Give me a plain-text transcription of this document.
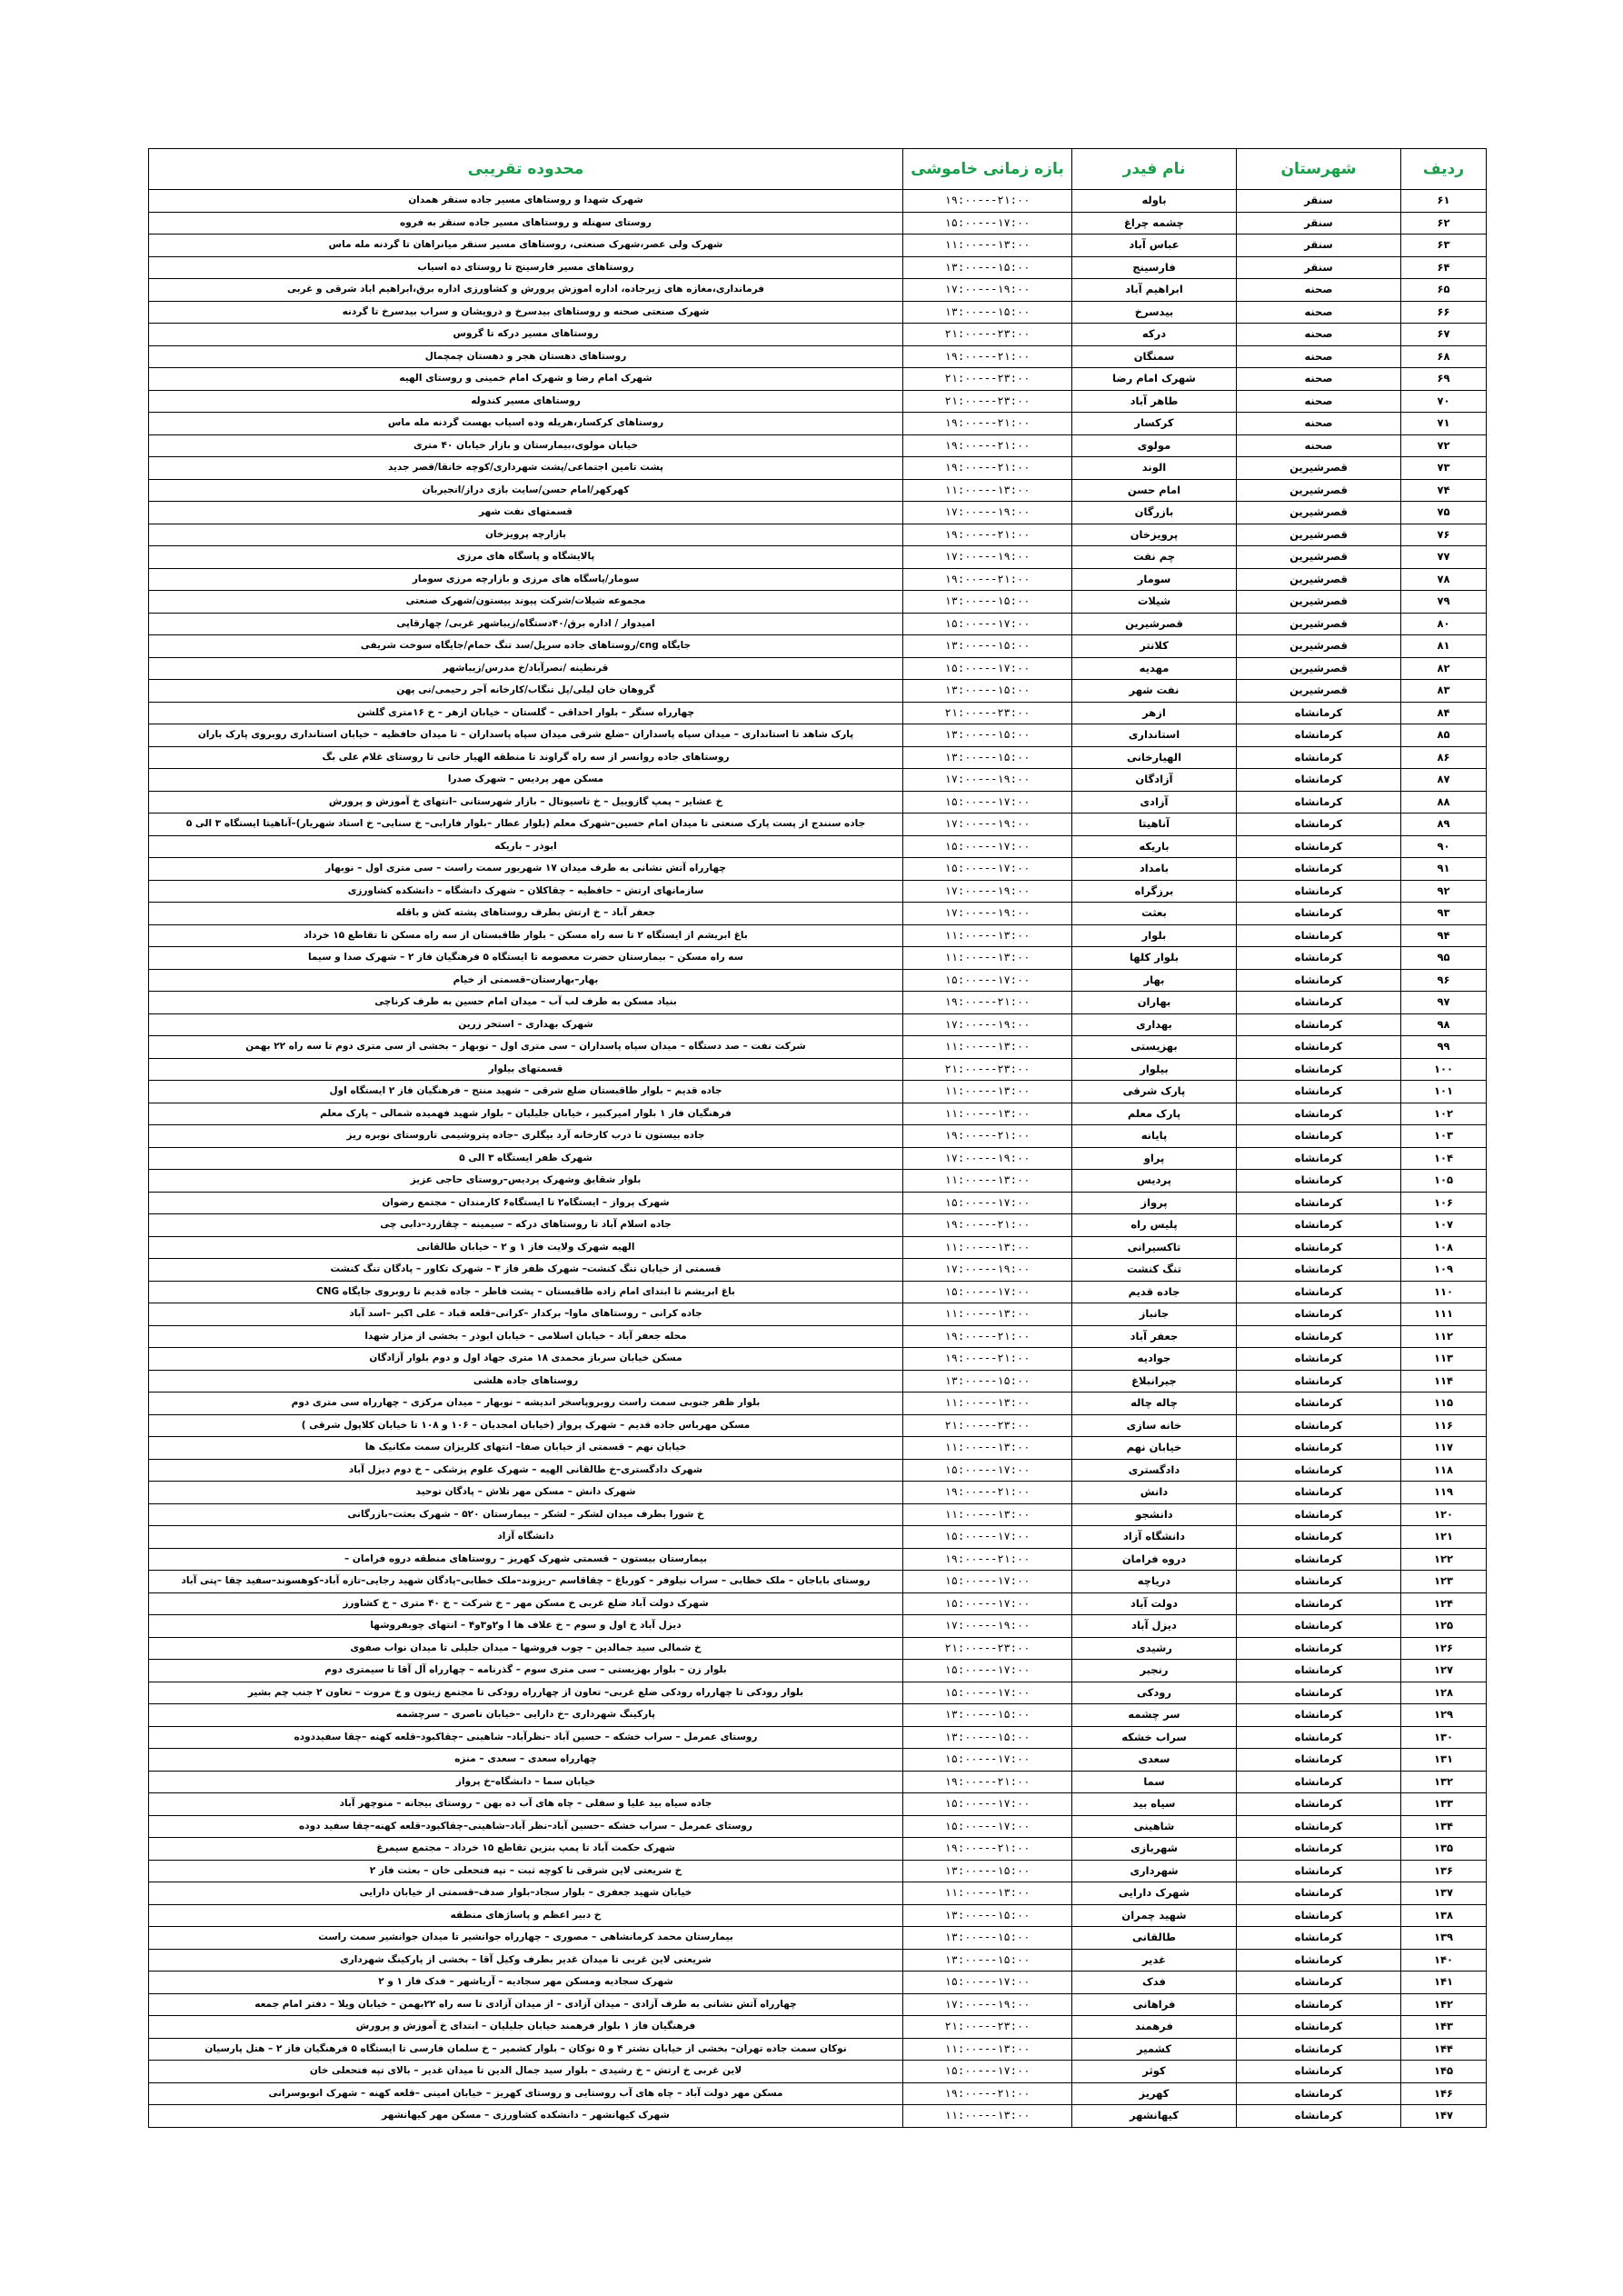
ردیف	شهرستان	نام فیدر	بازه زمانی خاموشی	محدوده تقریبی
۶۱	سنقر	باوله	۱۹:۰۰---۲۱:۰۰	شهرک شهدا و روستاهای مسیر جاده سنقر همدان
۶۲	سنقر	چشمه چراغ	۱۵:۰۰---۱۷:۰۰	روستای سهنله و روستاهای مسیر جاده سنقر به فروه
۶۳	سنقر	عباس آباد	۱۱:۰۰---۱۳:۰۰	شهرک ولی عصر،شهرک صنعتی، روستاهای مسیر سنقر میانراهان تا گردنه مله ماس
۶۴	سنقر	فارسینج	۱۳:۰۰---۱۵:۰۰	روستاهای مسیر فارسینج تا روستای ده اسیاب
۶۵	صحنه	ابراهیم آباد	۱۷:۰۰---۱۹:۰۰	فرمانداری،مغازه های زیرجاده، اداره اموزش پرورش و کشاورزی اداره برق،ابراهیم اباد شرقی و غربی
۶۶	صحنه	بیدسرخ	۱۳:۰۰---۱۵:۰۰	شهرک صنعتی صحنه و روستاهای بیدسرخ و درویشان و سراب بیدسرخ تا گردنه
۶۷	صحنه	درکه	۲۱:۰۰---۲۳:۰۰	روستاهای مسیر درکه تا گروس
۶۸	صحنه	سمنگان	۱۹:۰۰---۲۱:۰۰	روستاهای دهستان هجر و دهستان چمچمال
۶۹	صحنه	شهرک امام رضا	۲۱:۰۰---۲۳:۰۰	شهرک امام رضا و شهرک امام خمینی و روستای الهیه
۷۰	صحنه	طاهر آباد	۲۱:۰۰---۲۳:۰۰	روستاهای مسیر کندوله
۷۱	صحنه	کرکسار	۱۹:۰۰---۲۱:۰۰	روستاهای کرکسار،هریله وده اسیاب بهست گردنه مله ماس
۷۲	صحنه	مولوی	۱۹:۰۰---۲۱:۰۰	خیابان مولوی،بیمارستان و بازار خیابان ۴۰ متری
۷۳	قصرشیرین	الوند	۱۹:۰۰---۲۱:۰۰	پشت تامین اجتماعی/پشت شهرداری/کوچه خانقا/قصر جدید
۷۴	قصرشیرین	امام حسن	۱۱:۰۰---۱۳:۰۰	کهرکهر/امام حسن/سایت بازی دراز/انجیربان
۷۵	قصرشیرین	بازرگان	۱۷:۰۰---۱۹:۰۰	قسمتهای نفت شهر
۷۶	قصرشیرین	پرویزخان	۱۹:۰۰---۲۱:۰۰	بازارچه پرویزخان
۷۷	قصرشیرین	چم نفت	۱۷:۰۰---۱۹:۰۰	پالایشگاه و پاسگاه های مرزی
۷۸	قصرشیرین	سومار	۱۹:۰۰---۲۱:۰۰	سومار/پاسگاه های مرزی و بازارچه مرزی سومار
۷۹	قصرشیرین	شیلات	۱۳:۰۰---۱۵:۰۰	مجموعه شیلات/شرکت پیوند بیستون/شهرک صنعتی
۸۰	قصرشیرین	قصرشیرین	۱۵:۰۰---۱۷:۰۰	امیدوار / اداره برق/۴۰دستگاه/زیباشهر غربی/ چهارقاپی
۸۱	قصرشیرین	کلانتر	۱۳:۰۰---۱۵:۰۰	جایگاه cng/روستاهای جاده سرپل/سد تنگ حمام/جایگاه سوخت شریفی
۸۲	قصرشیرین	مهدیه	۱۵:۰۰---۱۷:۰۰	قرنطینه /نصرآباد/خ مدرس/زیباشهر
۸۳	قصرشیرین	نفت شهر	۱۳:۰۰---۱۵:۰۰	گروهان خان لیلی/پل تنگاب/کارخانه آجر رحیمی/نی پهن
۸۴	کرمانشاه	ازهر	۲۱:۰۰---۲۳:۰۰	چهارراه سنگر – بلوار احداقی – گلستان – خیابان ازهر – خ ۱۶متری گلشن
۸۵	کرمانشاه	استانداری	۱۳:۰۰---۱۵:۰۰	پارک شاهد تا استانداری – میدان سپاه پاسداران –ضلع شرقی میدان سپاه پاسداران – تا میدان حافظیه – خیابان استانداری روبروی پارک باران
۸۶	کرمانشاه	الهیارخانی	۱۳:۰۰---۱۵:۰۰	روستاهای جاده روانسر از سه راه گراوند تا منطقه الهیار خانی تا روستای غلام علی بگ
۸۷	کرمانشاه	آزادگان	۱۷:۰۰---۱۹:۰۰	مسکن مهر پردیس – شهرک صدرا
۸۸	کرمانشاه	آزادی	۱۵:۰۰---۱۷:۰۰	خ عشایر – پمپ گازوییل – خ تاسیوتال – بازار شهرستانی –انتهای خ آموزش و پرورش
۸۹	کرمانشاه	آناهیتا	۱۷:۰۰---۱۹:۰۰	جاده سنندج از پست پارک صنعتی تا میدان امام حسین–شهرک معلم (بلوار عطار –بلوار فارابی– خ سنایی– خ استاد شهریار)–آناهیتا ایستگاه ۳ الی ۵
۹۰	کرمانشاه	باریکه	۱۵:۰۰---۱۷:۰۰	ابوذر – باریکه
۹۱	کرمانشاه	بامداد	۱۵:۰۰---۱۷:۰۰	چهارراه آتش نشانی به طرف میدان ۱۷ شهریور سمت راست – سی متری اول – نوبهار
۹۲	کرمانشاه	برزگراه	۱۷:۰۰---۱۹:۰۰	سازمانهای ارتش – حافظیه – چقاکلان – شهرک دانشگاه – دانشکده کشاورزی
۹۳	کرمانشاه	بعثت	۱۷:۰۰---۱۹:۰۰	جعفر آباد – خ ارتش بطرف روستاهای پشته کش و باقله
۹۴	کرمانشاه	بلوار	۱۱:۰۰---۱۳:۰۰	باغ ابریشم از ایستگاه ۲ تا سه راه مسکن – بلوار طاقبستان از سه راه مسکن تا تقاطع ۱۵ خرداد
۹۵	کرمانشاه	بلوار کلها	۱۱:۰۰---۱۳:۰۰	سه راه مسکن – بیمارستان حضرت معصومه تا ایستگاه ۵ فرهنگیان فاز ۲ – شهرک صدا و سیما
۹۶	کرمانشاه	بهار	۱۵:۰۰---۱۷:۰۰	بهار–بهارستان–قسمتی از خیام
۹۷	کرمانشاه	بهاران	۱۹:۰۰---۲۱:۰۰	بنیاد مسکن به طرف لب آب – میدان امام حسین به طرف کرناچی
۹۸	کرمانشاه	بهداری	۱۷:۰۰---۱۹:۰۰	شهرک بهداری – استخر زرین
۹۹	کرمانشاه	بهزیستی	۱۱:۰۰---۱۳:۰۰	شرکت نفت – صد دستگاه – میدان سپاه پاسداران – سی متری اول – نوبهار – بخشی از سی متری دوم تا سه راه ۲۲ بهمن
۱۰۰	کرمانشاه	بیلوار	۲۱:۰۰---۲۳:۰۰	قسمتهای بیلوار
۱۰۱	کرمانشاه	پارک شرقی	۱۱:۰۰---۱۳:۰۰	جاده قدیم – بلوار طاقبستان ضلع شرقی – شهید منتح – فرهنگیان فاز ۲ ایستگاه اول
۱۰۲	کرمانشاه	پارک معلم	۱۱:۰۰---۱۳:۰۰	فرهنگیان فاز ۱ بلوار امیرکبیر ، خیابان جلیلیان – بلوار شهید فهمیده شمالی – پارک معلم
۱۰۳	کرمانشاه	پایانه	۱۹:۰۰---۲۱:۰۰	جاده بیستون تا درب کارخانه آرد بیگلری –جاده پتروشیمی تاروستای نوبره ریز
۱۰۴	کرمانشاه	پراو	۱۷:۰۰---۱۹:۰۰	شهرک ظفر ایستگاه ۳ الی ۵
۱۰۵	کرمانشاه	پردیس	۱۱:۰۰---۱۳:۰۰	بلوار شقایق وشهرک پردیس–روستای حاجی عزیز
۱۰۶	کرمانشاه	پرواز	۱۵:۰۰---۱۷:۰۰	شهرک پرواز – ایستگاه۲ تا ایستگاه۶ کارمندان – مجتمع رضوان
۱۰۷	کرمانشاه	پلیس راه	۱۹:۰۰---۲۱:۰۰	جاده اسلام آباد تا روستاهای درکه – سیمینه – چقازرد–دابی چی
۱۰۸	کرمانشاه	تاکسیرانی	۱۱:۰۰---۱۳:۰۰	الهیه شهرک ولایت فاز ۱ و ۲ – خیابان طالقانی
۱۰۹	کرمانشاه	تنگ کنشت	۱۷:۰۰---۱۹:۰۰	قسمتی از خیابان تنگ کنشت– شهرک ظفر فاز ۳ – شهرک تکاور – پادگان تنگ کنشت
۱۱۰	کرمانشاه	جاده قدیم	۱۵:۰۰---۱۷:۰۰	باغ ابریشم تا ابتدای امام زاده طاقبستان – پشت فاطر – جاده قدیم تا روبروی جایگاه CNG
۱۱۱	کرمانشاه	جانباز	۱۱:۰۰---۱۳:۰۰	جاده کرانی – روستاهای ماوا– برکدار –کرانی–قلعه قباد – علی اکبر –اسد آباد
۱۱۲	کرمانشاه	جعفر آباد	۱۹:۰۰---۲۱:۰۰	محله جعفر آباد – خیابان اسلامی – خیابان ابوذر – بخشی از مزار شهدا
۱۱۳	کرمانشاه	جوادیه	۱۹:۰۰---۲۱:۰۰	مسکن خیابان سرباز محمدی ۱۸ متری جهاد اول و دوم بلوار آزادگان
۱۱۴	کرمانشاه	جیرانبلاغ	۱۳:۰۰---۱۵:۰۰	روستاهای جاده هلشی
۱۱۵	کرمانشاه	چاله چاله	۱۱:۰۰---۱۳:۰۰	بلوار ظفر جنوبی سمت راست روبروپاسخر اندیشه – نوبهار – میدان مرکزی – چهارراه سی متری دوم
۱۱۶	کرمانشاه	خانه سازی	۲۱:۰۰---۲۳:۰۰	مسکن مهرباس جاده قدیم – شهرک پرواز (خیابان امجدیان – ۱۰۶ و ۱۰۸ تا خیابان کلاپول شرقی )
۱۱۷	کرمانشاه	خیابان نهم	۱۱:۰۰---۱۳:۰۰	خیابان نهم – قسمتی از خیابان صفا– انتهای کلریزان سمت مکانیک ها
۱۱۸	کرمانشاه	دادگستری	۱۵:۰۰---۱۷:۰۰	شهرک دادگستری–خ طالقانی الهیه – شهرک علوم پزشکی – خ دوم دیزل آباد
۱۱۹	کرمانشاه	دانش	۱۹:۰۰---۲۱:۰۰	شهرک دانش – مسکن مهر تلاش – پادگان توحید
۱۲۰	کرمانشاه	دانشجو	۱۱:۰۰---۱۳:۰۰	خ شورا بطرف میدان لشکر – لشکر – بیمارستان ۵۲۰ – شهرک بعثت–بازرگانی
۱۲۱	کرمانشاه	دانشگاه آزاد	۱۵:۰۰---۱۷:۰۰	دانشگاه آزاد
۱۲۲	کرمانشاه	دروه فرامان	۱۹:۰۰---۲۱:۰۰	بیمارستان بیستون – قسمتی شهرک کهریز – روستاهای منطقه دروه فرامان –
۱۲۳	کرمانشاه	دریاچه	۱۵:۰۰---۱۷:۰۰	روستای باباجان – ملک خطابی – سراب نیلوفر – کورباغ – چقاقاسم –ریزوند–ملک خطابی–پادگان شهید رجایی–تازه آباد–کوهسوند–سفید چقا –پتی آباد
۱۲۴	کرمانشاه	دولت آباد	۱۵:۰۰---۱۷:۰۰	شهرک دولت آباد ضلع غربی خ مسکن مهر – خ شرکت – خ ۴۰ متری – خ کشاورز
۱۲۵	کرمانشاه	دیزل آباد	۱۷:۰۰---۱۹:۰۰	دیزل آباد خ اول و سوم – خ علاف ها ا و۲و۳و۴ – انتهای چوبفروشها
۱۲۶	کرمانشاه	رشیدی	۲۱:۰۰---۲۳:۰۰	خ شمالی سید جمالدین – چوب فروشها – میدان جلیلی تا میدان نواب صفوی
۱۲۷	کرمانشاه	رنجبر	۱۵:۰۰---۱۷:۰۰	بلوار زن – بلوار بهزیستی – سی متری سوم – گذرنامه – چهارراه آل آقا تا سیمتری دوم
۱۲۸	کرمانشاه	رودکی	۱۵:۰۰---۱۷:۰۰	بلوار رودکی تا چهارراه رودکی ضلع غربی– تعاون از چهارراه رودکی تا مجتمع زیتون و خ مروت – تعاون ۲ جنب چم بشیر
۱۲۹	کرمانشاه	سر چشمه	۱۳:۰۰---۱۵:۰۰	پارکینگ شهرداری –خ دارایی –خیابان ناصری – سرچشمه
۱۳۰	کرمانشاه	سراب خشکه	۱۳:۰۰---۱۵:۰۰	روستای عمرمل – سراب خشکه – حسین آباد –نظرآباد– شاهینی –چقاکبود–قلعه کهنه –چقا سفیددوده
۱۳۱	کرمانشاه	سعدی	۱۵:۰۰---۱۷:۰۰	چهارراه سعدی – سعدی – منزه
۱۳۲	کرمانشاه	سما	۱۹:۰۰---۲۱:۰۰	خیابان سما – دانشگاه–خ پرواز
۱۳۳	کرمانشاه	سیاه بید	۱۵:۰۰---۱۷:۰۰	جاده سیاه بید علیا و سفلی – چاه های آب ده بهن – روستای بیجانه – منوچهر آباد
۱۳۴	کرمانشاه	شاهینی	۱۵:۰۰---۱۷:۰۰	روستای عمرمل – سراب خشکه –حسین آباد–نظر آباد–شاهینی–چقاکبود–قلعه کهنه–چقا سفید دوده
۱۳۵	کرمانشاه	شهربازی	۱۹:۰۰---۲۱:۰۰	شهرک حکمت آباد تا پمپ بنزین تقاطع ۱۵ خرداد – مجتمع سیمرغ
۱۳۶	کرمانشاه	شهرداری	۱۳:۰۰---۱۵:۰۰	خ شریعتی لاین شرقی تا کوچه ثبت – تپه فتحعلی خان – بعثت فاز ۲
۱۳۷	کرمانشاه	شهرک دارایی	۱۱:۰۰---۱۳:۰۰	خیابان شهید جعفری – بلوار سجاد–بلوار صدف–قسمتی از خیابان دارایی
۱۳۸	کرمانشاه	شهید چمران	۱۳:۰۰---۱۵:۰۰	خ دبیر اعظم و پاساژهای منطقه
۱۳۹	کرمانشاه	طالقانی	۱۳:۰۰---۱۵:۰۰	بیمارستان محمد کرمانشاهی – مصوری – چهارراه جوانشیر تا میدان جوانشیر سمت راست
۱۴۰	کرمانشاه	غدیر	۱۳:۰۰---۱۵:۰۰	شریعتی لاین غربی تا میدان غدیر بطرف وکیل آقا – بخشی از پارکینگ شهرداری
۱۴۱	کرمانشاه	فدک	۱۵:۰۰---۱۷:۰۰	شهرک سجادیه ومسکن مهر سجادیه – آریاشهر – فدک فاز ۱ و ۲
۱۴۲	کرمانشاه	فراهانی	۱۷:۰۰---۱۹:۰۰	چهارراه آتش نشانی به طرف آزادی – میدان آزادی – از میدان آزادی تا سه راه ۲۲بهمن – خیابان ویلا – دفتر امام جمعه
۱۴۳	کرمانشاه	فرهمند	۲۱:۰۰---۲۳:۰۰	فرهنگیان فاز ۱ بلوار فرهمند خیابان جلیلیان – ابتدای خ آموزش و پرورش
۱۴۴	کرمانشاه	کشمیر	۱۱:۰۰---۱۳:۰۰	نوکان سمت جاده تهران– بخشی از خیابان نشتر ۴ و ۵ نوکان – بلوار کشمیر – خ سلمان فارسی تا ایستگاه ۵ فرهنگیان فاز ۲ – هتل پارسیان
۱۴۵	کرمانشاه	کوثر	۱۵:۰۰---۱۷:۰۰	لاین غربی خ ارتش – خ رشیدی – بلوار سید جمال الدین تا میدان غدیر – بالای تپه فتحعلی خان
۱۴۶	کرمانشاه	کهریز	۱۹:۰۰---۲۱:۰۰	مسکن مهر دولت آباد – چاه های آب روستایی و روستای کهریز – خیابان امینی –قلعه کهنه – شهرک انوبوسرانی
۱۴۷	کرمانشاه	کیهانشهر	۱۱:۰۰---۱۳:۰۰	شهرک کیهانشهر – دانشکده کشاورزی – مسکن مهر کیهانشهر
